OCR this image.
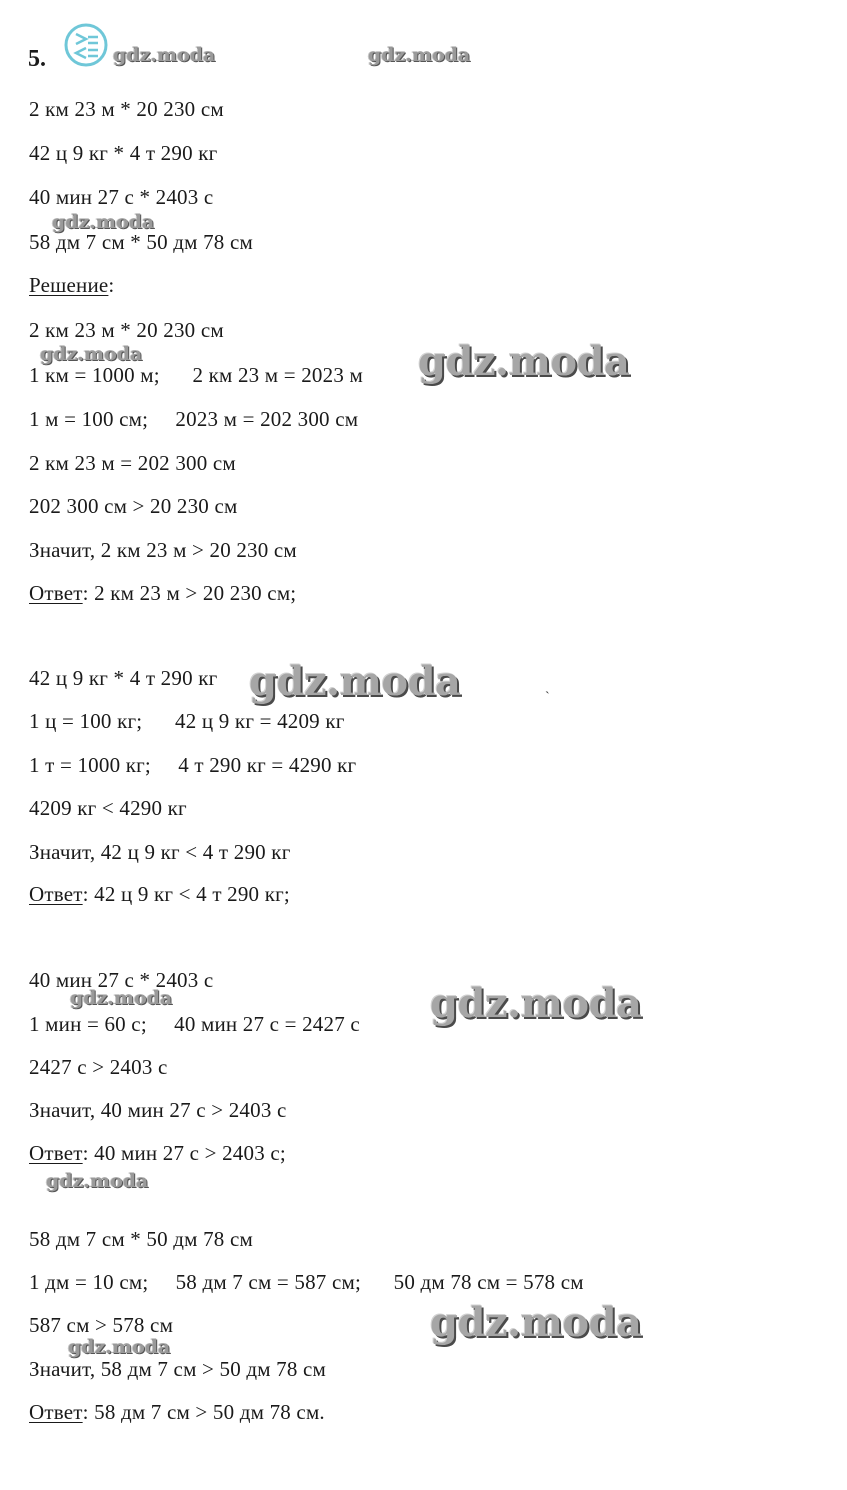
5.
2 км 23 м * 20 230 см
42 ц 9 кг * 4 т 290 кг
40 мин 27 с * 2403 с
58 дм 7 см * 50 дм 78 см
Решение:
2 км 23 м * 20 230 см
1 км = 1000 м;      2 км 23 м = 2023 м
1 м = 100 см;     2023 м = 202 300 см
2 км 23 м = 202 300 см
202 300 см > 20 230 см
Значит, 2 км 23 м > 20 230 см
Ответ: 2 км 23 м > 20 230 см;
42 ц 9 кг * 4 т 290 кг
1 ц = 100 кг;      42 ц 9 кг = 4209 кг
1 т = 1000 кг;     4 т 290 кг = 4290 кг
4209 кг < 4290 кг
Значит, 42 ц 9 кг < 4 т 290 кг
Ответ: 42 ц 9 кг < 4 т 290 кг;
40 мин 27 с * 2403 с
1 мин = 60 с;     40 мин 27 с = 2427 с
2427 с > 2403 с
Значит, 40 мин 27 с > 2403 с
Ответ: 40 мин 27 с > 2403 с;
58 дм 7 см * 50 дм 78 см
1 дм = 10 см;     58 дм 7 см = 587 см;      50 дм 78 см = 578 см
587 см > 578 см
Значит, 58 дм 7 см > 50 дм 78 см
Ответ: 58 дм 7 см > 50 дм 78 см.
gdz.moda	gdz.moda
gdz.moda
gdz.moda	gdz.moda
gdz.moda
gdz.moda	gdz.moda
gdz.moda
gdz.moda
gdz.moda
`
